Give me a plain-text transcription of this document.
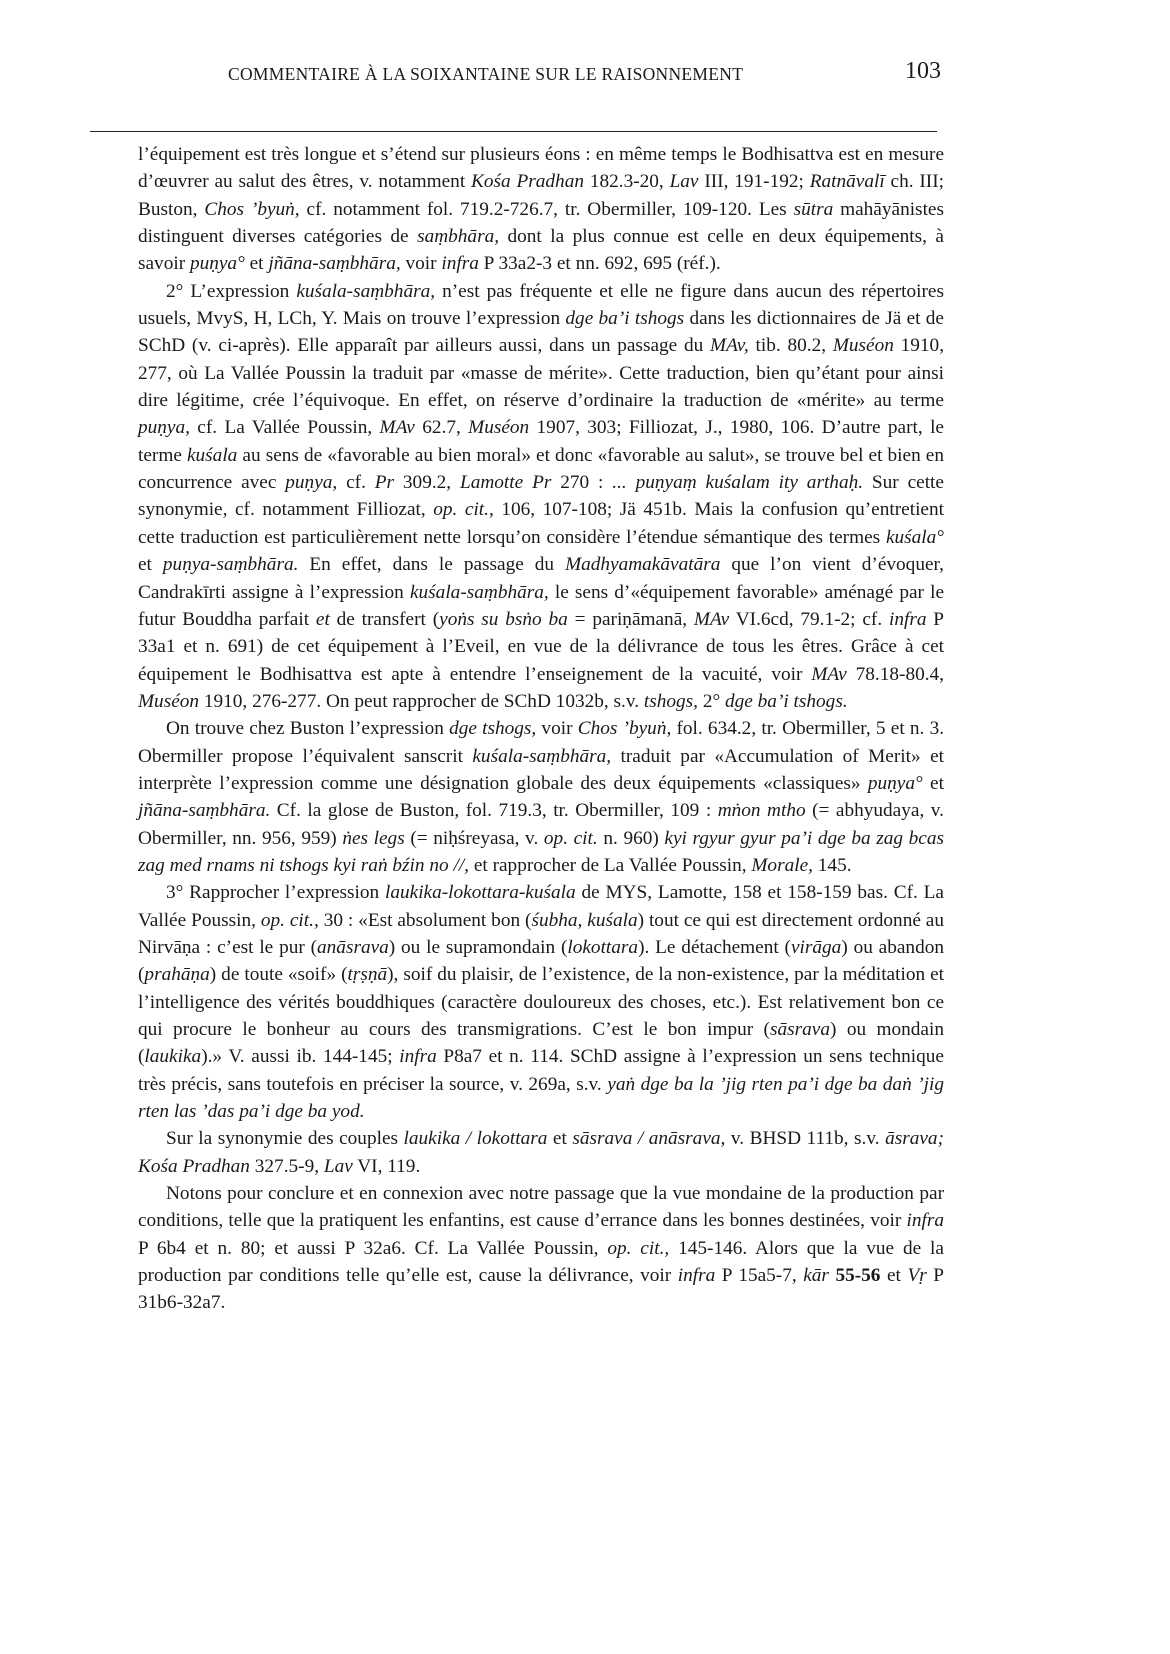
COMMENTAIRE À LA SOIXANTAINE SUR LE RAISONNEMENT	103

l’équipement est très longue et s’étend sur plusieurs éons : en même temps le Bodhisattva est en mesure d’œuvrer au salut des êtres, v. notamment Kośa Pradhan 182.3-20, Lav III, 191-192; Ratnāvalī ch. III; Buston, Chos ’byuṅ, cf. notamment fol. 719.2-726.7, tr. Obermiller, 109-120. Les sūtra mahāyānistes distinguent diverses catégories de saṃbhāra, dont la plus connue est celle en deux équipements, à savoir puṇya° et jñāna-saṃbhāra, voir infra P 33a2-3 et nn. 692, 695 (réf.).

2° L’expression kuśala-saṃbhāra, n’est pas fréquente et elle ne figure dans aucun des répertoires usuels, MvyS, H, LCh, Y. Mais on trouve l’expression dge ba’i tshogs dans les dictionnaires de Jä et de SChD (v. ci-après). Elle apparaît par ailleurs aussi, dans un passage du MAv, tib. 80.2, Muséon 1910, 277, où La Vallée Poussin la traduit par «masse de mérite». Cette traduction, bien qu’étant pour ainsi dire légitime, crée l’équivoque. En effet, on réserve d’ordinaire la traduction de «mérite» au terme puṇya, cf. La Vallée Poussin, MAv 62.7, Muséon 1907, 303; Filliozat, J., 1980, 106. D’autre part, le terme kuśala au sens de «favorable au bien moral» et donc «favorable au salut», se trouve bel et bien en concurrence avec puṇya, cf. Pr 309.2, Lamotte Pr 270 : ... puṇyaṃ kuśalam ity arthaḥ. Sur cette synonymie, cf. notamment Filliozat, op. cit., 106, 107-108; Jä 451b. Mais la confusion qu’entretient cette traduction est particulièrement nette lorsqu’on considère l’étendue sémantique des termes kuśala° et puṇya-saṃbhāra. En effet, dans le passage du Madhyamakāvatāra que l’on vient d’évoquer, Candrakīrti assigne à l’expression kuśala-saṃbhāra, le sens d’«équipement favorable» aménagé par le futur Bouddha parfait et de transfert (yoṅs su bsṅo ba = pariṇāmanā, MAv VI.6cd, 79.1-2; cf. infra P 33a1 et n. 691) de cet équipement à l’Eveil, en vue de la délivrance de tous les êtres. Grâce à cet équipement le Bodhisattva est apte à entendre l’enseignement de la vacuité, voir MAv 78.18-80.4, Muséon 1910, 276-277. On peut rapprocher de SChD 1032b, s.v. tshogs, 2° dge ba’i tshogs.

On trouve chez Buston l’expression dge tshogs, voir Chos ’byuṅ, fol. 634.2, tr. Obermiller, 5 et n. 3. Obermiller propose l’équivalent sanscrit kuśala-saṃbhāra, traduit par «Accumulation of Merit» et interprète l’expression comme une désignation globale des deux équipements «classiques» puṇya° et jñāna-saṃbhāra. Cf. la glose de Buston, fol. 719.3, tr. Obermiller, 109 : mṅon mtho (= abhyudaya, v. Obermiller, nn. 956, 959) ṅes legs (= niḥśreyasa, v. op. cit. n. 960) kyi rgyur gyur pa’i dge ba zag bcas zag med rnams ni tshogs kyi raṅ bźin no //, et rapprocher de La Vallée Poussin, Morale, 145.

3° Rapprocher l’expression laukika-lokottara-kuśala de MYS, Lamotte, 158 et 158-159 bas. Cf. La Vallée Poussin, op. cit., 30 : «Est absolument bon (śubha, kuśala) tout ce qui est directement ordonné au Nirvāṇa : c’est le pur (anāsrava) ou le supramondain (lokottara). Le détachement (virāga) ou abandon (prahāṇa) de toute «soif» (tṛṣṇā), soif du plaisir, de l’existence, de la non-existence, par la méditation et l’intelligence des vérités bouddhiques (caractère douloureux des choses, etc.). Est relativement bon ce qui procure le bonheur au cours des transmigrations. C’est le bon impur (sāsrava) ou mondain (laukika).» V. aussi ib. 144-145; infra P8a7 et n. 114. SChD assigne à l’expression un sens technique très précis, sans toutefois en préciser la source, v. 269a, s.v. yaṅ dge ba la ’jig rten pa’i dge ba daṅ ’jig rten las ’das pa’i dge ba yod.

Sur la synonymie des couples laukika / lokottara et sāsrava / anāsrava, v. BHSD 111b, s.v. āsrava; Kośa Pradhan 327.5-9, Lav VI, 119.

Notons pour conclure et en connexion avec notre passage que la vue mondaine de la production par conditions, telle que la pratiquent les enfantins, est cause d’errance dans les bonnes destinées, voir infra P 6b4 et n. 80; et aussi P 32a6. Cf. La Vallée Poussin, op. cit., 145-146. Alors que la vue de la production par conditions telle qu’elle est, cause la délivrance, voir infra P 15a5-7, kār 55-56 et Vṛ P 31b6-32a7.
